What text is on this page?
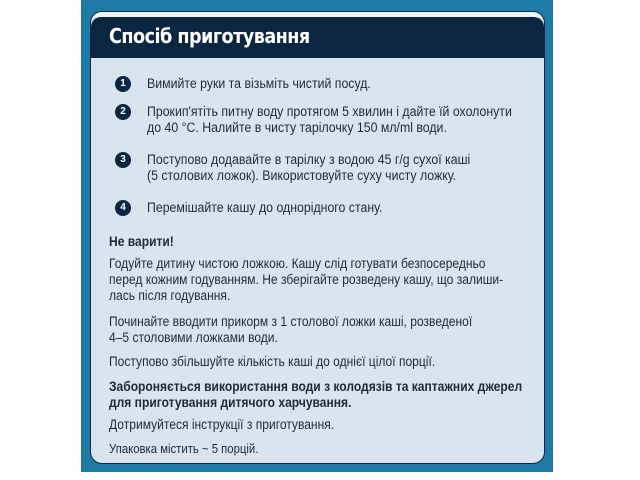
Спосіб приготування
1	Вимийте руки та візьміть чистий посуд.
2	Прокип'ятіть питну воду протягом 5 хвилин і дайте їй охолонути
до 40 °C. Налийте в чисту тарілочку 150 мл/ml води.
3	Поступово додавайте в тарілку з водою 45 г/g сухої каші
(5 столових ложок). Використовуйте суху чисту ложку.
4	Перемішайте кашу до однорідного стану.
Не варити!
Годуйте дитину чистою ложкою. Кашу слід готувати безпосередньо
перед кожним годуванням. Не зберігайте розведену кашу, що залиши-
лась після годування.
Починайте вводити прикорм з 1 столової ложки каші, розведеної
4–5 столовими ложками води.
Поступово збільшуйте кількість каші до однієї цілої порції.
Забороняється використання води з колодязів та каптажних джерел
для приготування дитячого харчування.
Дотримуйтеся інструкції з приготування.
Упаковка містить ~ 5 порцій.
